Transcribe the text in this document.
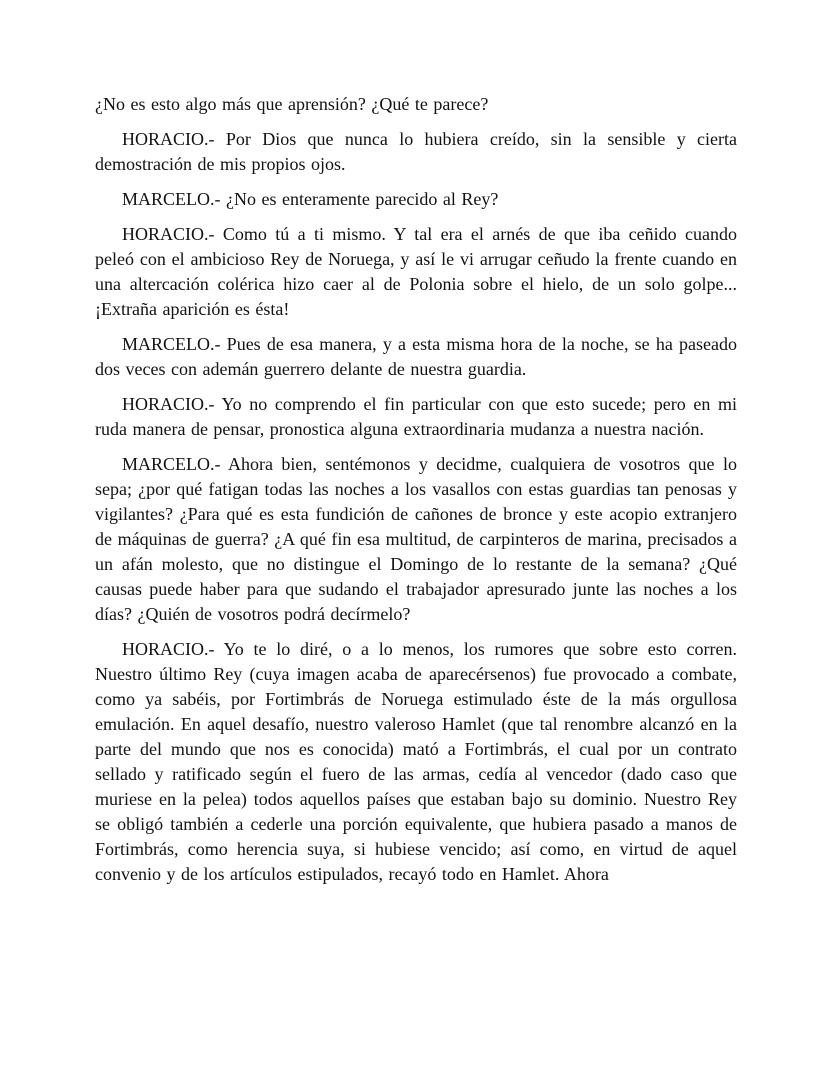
¿No es esto algo más que aprensión? ¿Qué te parece?

HORACIO.- Por Dios que nunca lo hubiera creído, sin la sensible y cierta demostración de mis propios ojos.

MARCELO.- ¿No es enteramente parecido al Rey?

HORACIO.- Como tú a ti mismo. Y tal era el arnés de que iba ceñido cuando peleó con el ambicioso Rey de Noruega, y así le vi arrugar ceñudo la frente cuando en una altercación colérica hizo caer al de Polonia sobre el hielo, de un solo golpe... ¡Extraña aparición es ésta!

MARCELO.- Pues de esa manera, y a esta misma hora de la noche, se ha paseado dos veces con ademán guerrero delante de nuestra guardia.

HORACIO.- Yo no comprendo el fin particular con que esto sucede; pero en mi ruda manera de pensar, pronostica alguna extraordinaria mudanza a nuestra nación.

MARCELO.- Ahora bien, sentémonos y decidme, cualquiera de vosotros que lo sepa; ¿por qué fatigan todas las noches a los vasallos con estas guardias tan penosas y vigilantes? ¿Para qué es esta fundición de cañones de bronce y este acopio extranjero de máquinas de guerra? ¿A qué fin esa multitud, de carpinteros de marina, precisados a un afán molesto, que no distingue el Domingo de lo restante de la semana? ¿Qué causas puede haber para que sudando el trabajador apresurado junte las noches a los días? ¿Quién de vosotros podrá decírmelo?

HORACIO.- Yo te lo diré, o a lo menos, los rumores que sobre esto corren. Nuestro último Rey (cuya imagen acaba de aparecérsenos) fue provocado a combate, como ya sabéis, por Fortimbrás de Noruega estimulado éste de la más orgullosa emulación. En aquel desafío, nuestro valeroso Hamlet (que tal renombre alcanzó en la parte del mundo que nos es conocida) mató a Fortimbrás, el cual por un contrato sellado y ratificado según el fuero de las armas, cedía al vencedor (dado caso que muriese en la pelea) todos aquellos países que estaban bajo su dominio. Nuestro Rey se obligó también a cederle una porción equivalente, que hubiera pasado a manos de Fortimbrás, como herencia suya, si hubiese vencido; así como, en virtud de aquel convenio y de los artículos estipulados, recayó todo en Hamlet. Ahora
